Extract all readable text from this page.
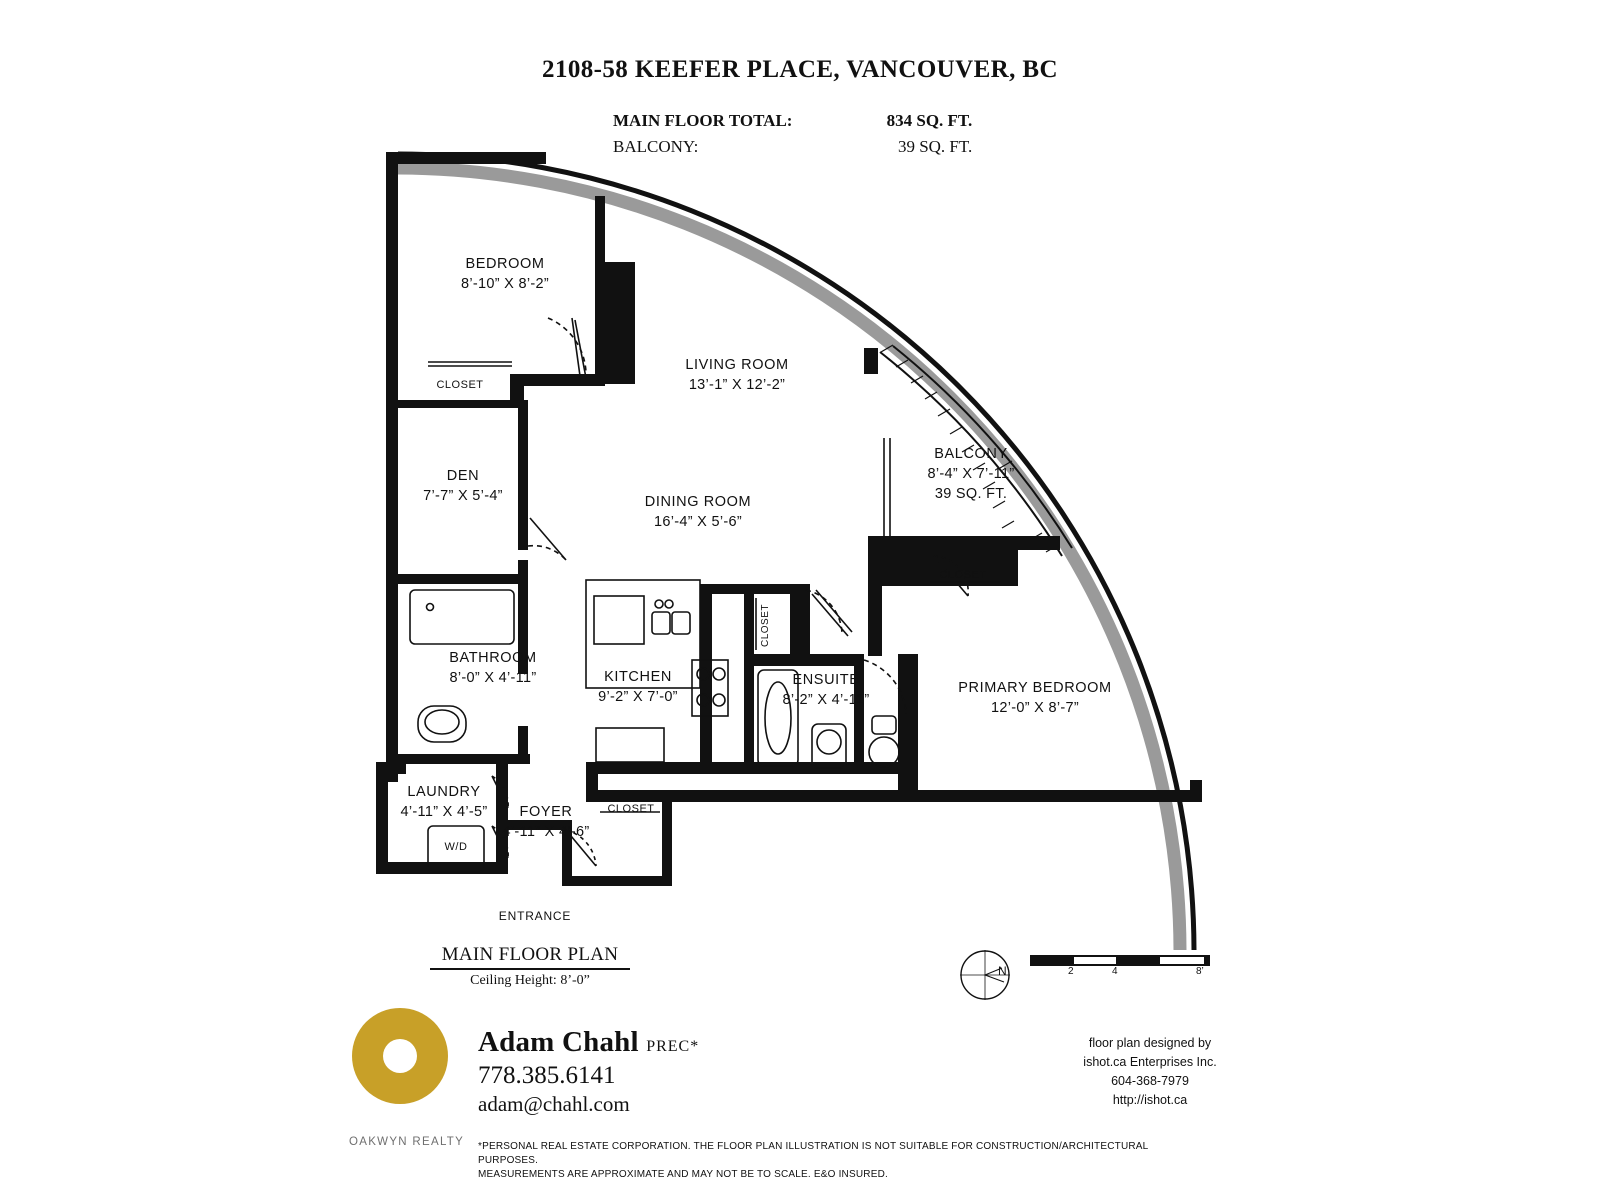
2108-58 KEEFER PLACE, VANCOUVER, BC
MAIN FLOOR TOTAL:	834 SQ. FT.
BALCONY:	39 SQ. FT.
BEDROOM
8’-10” X 8’-2”
CLOSET
LIVING ROOM
13’-1” X 12’-2”
BALCONY
8’-4” X 7’-11”
39 SQ. FT.
DEN
7’-7” X 5’-4”	DINING ROOM
16’-4” X 5’-6”
CLOSET
BATHROOM
8’-0” X 4’-11”	KITCHEN
9’-2” X 7’-0”
CLOSET
ENSUITE
8’-2” X 4’-11”
PRIMARY BEDROOM
12’-0” X 8’-7”
LAUNDRY
4’-11” X 4’-5”	FOYER
4’-11” X 4’-6”
CLOSET
W/D
ENTRANCE
MAIN FLOOR PLAN
Ceiling Height: 8’-0”
N	2	4	8’
OAKWYN REALTY
Adam Chahl PREC*
778.385.6141
adam@chahl.com
*PERSONAL REAL ESTATE CORPORATION. THE FLOOR PLAN ILLUSTRATION IS NOT SUITABLE FOR CONSTRUCTION/ARCHITECTURAL PURPOSES.
MEASUREMENTS ARE APPROXIMATE AND MAY NOT BE TO SCALE. E&O INSURED.
floor plan designed by
ishot.ca Enterprises Inc.
604-368-7979
http://ishot.ca
